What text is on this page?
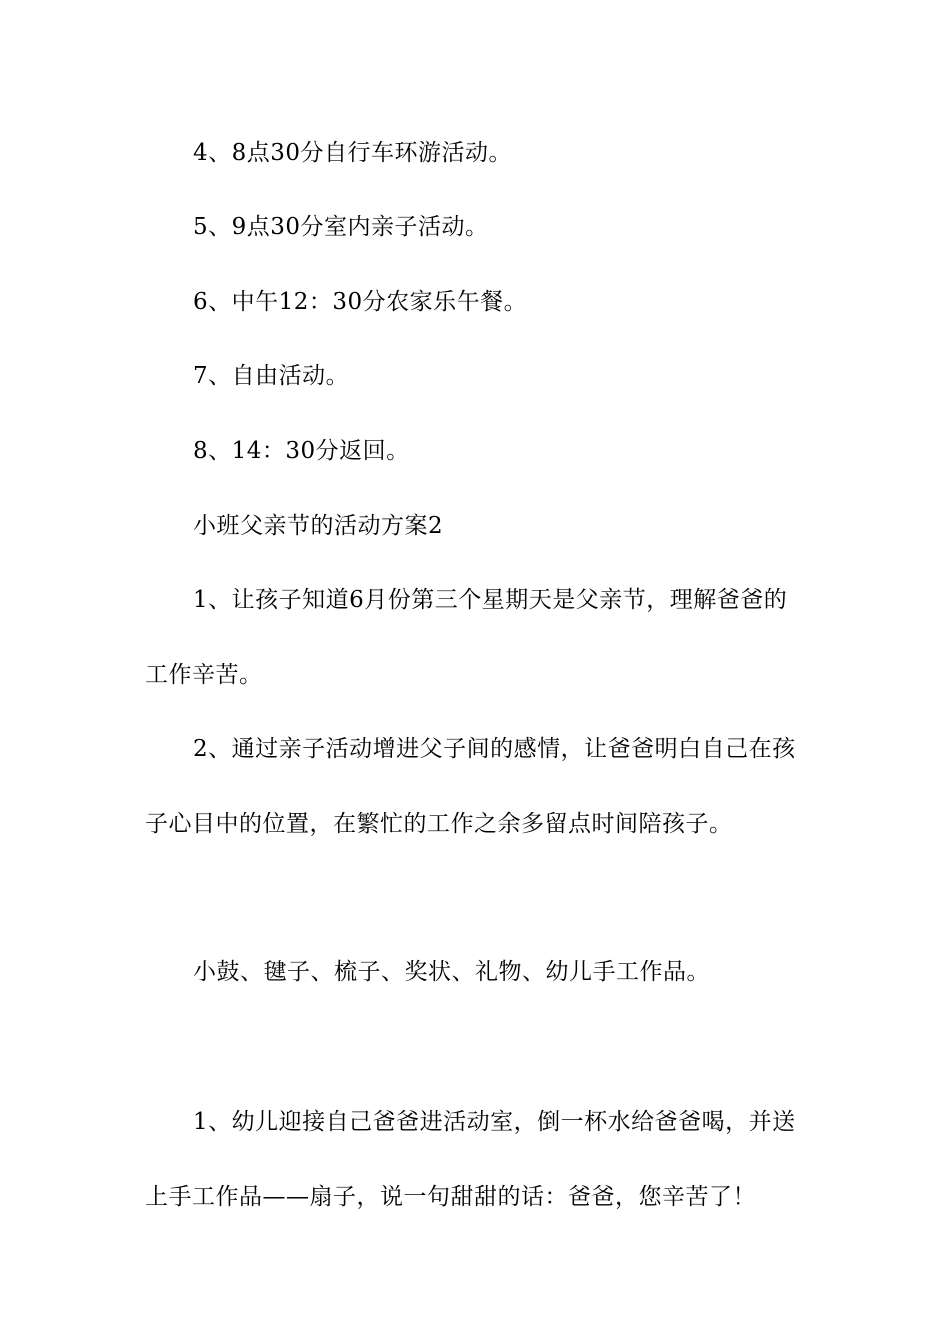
4、8点30分自行车环游活动。
5、9点30分室内亲子活动。
6、中午12：30分农家乐午餐。
7、自由活动。
8、14：30分返回。
小班父亲节的活动方案2
1、让孩子知道6月份第三个星期天是父亲节，理解爸爸的
工作辛苦。
2、通过亲子活动增进父子间的感情，让爸爸明白自己在孩
子心目中的位置，在繁忙的工作之余多留点时间陪孩子。
小鼓、毽子、梳子、奖状、礼物、幼儿手工作品。
1、幼儿迎接自己爸爸进活动室，倒一杯水给爸爸喝，并送
上手工作品——扇子，说一句甜甜的话：爸爸，您辛苦了！
